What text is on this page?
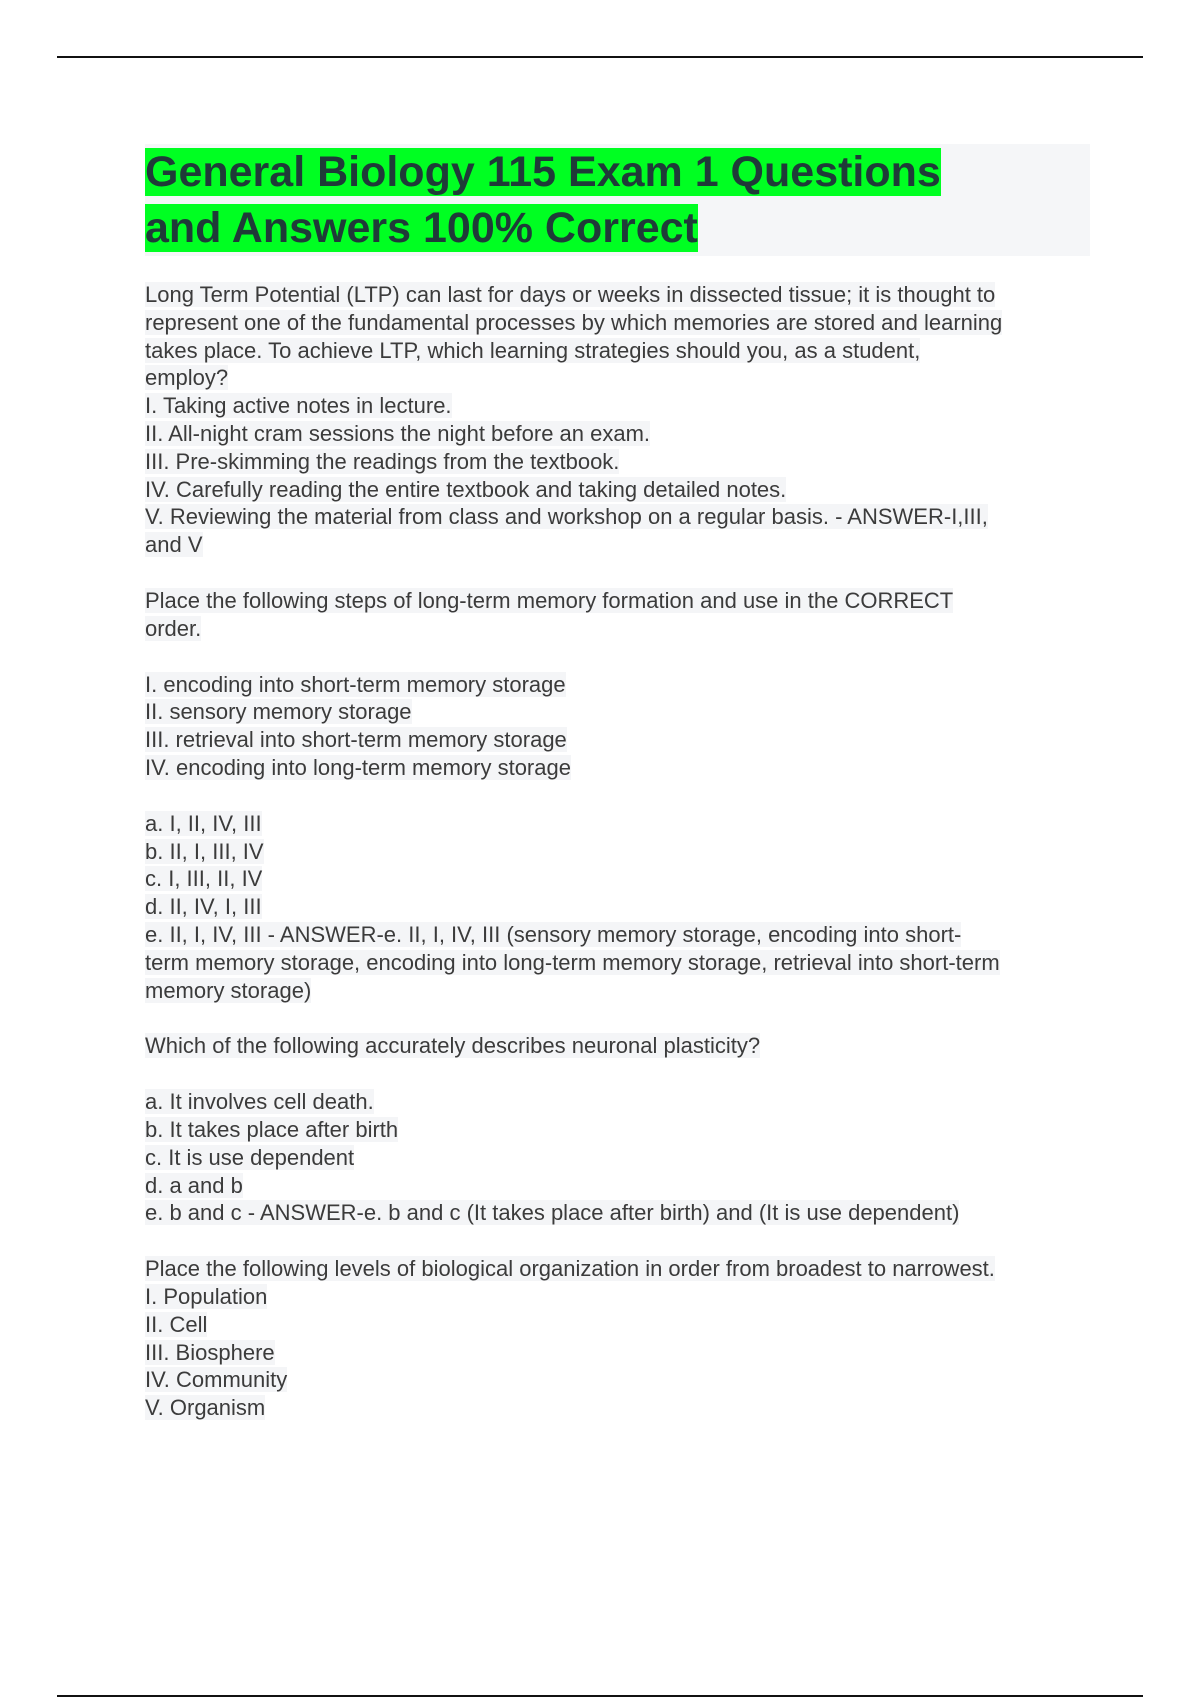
General Biology 115 Exam 1 Questions
and Answers 100% Correct
Long Term Potential (LTP) can last for days or weeks in dissected tissue; it is thought to
represent one of the fundamental processes by which memories are stored and learning
takes place. To achieve LTP, which learning strategies should you, as a student,
employ?
I. Taking active notes in lecture.
II. All-night cram sessions the night before an exam.
III. Pre-skimming the readings from the textbook.
IV. Carefully reading the entire textbook and taking detailed notes.
V. Reviewing the material from class and workshop on a regular basis. - ANSWER-I,III,
and V
Place the following steps of long-term memory formation and use in the CORRECT
order.
I. encoding into short-term memory storage
II. sensory memory storage
III. retrieval into short-term memory storage
IV. encoding into long-term memory storage
a. I, II, IV, III
b. II, I, III, IV
c. I, III, II, IV
d. II, IV, I, III
e. II, I, IV, III - ANSWER-e. II, I, IV, III (sensory memory storage, encoding into short-
term memory storage, encoding into long-term memory storage, retrieval into short-term
memory storage)
Which of the following accurately describes neuronal plasticity?
a. It involves cell death.
b. It takes place after birth
c. It is use dependent
d. a and b
e. b and c - ANSWER-e. b and c (It takes place after birth) and (It is use dependent)
Place the following levels of biological organization in order from broadest to narrowest.
I. Population
II. Cell
III. Biosphere
IV. Community
V. Organism
